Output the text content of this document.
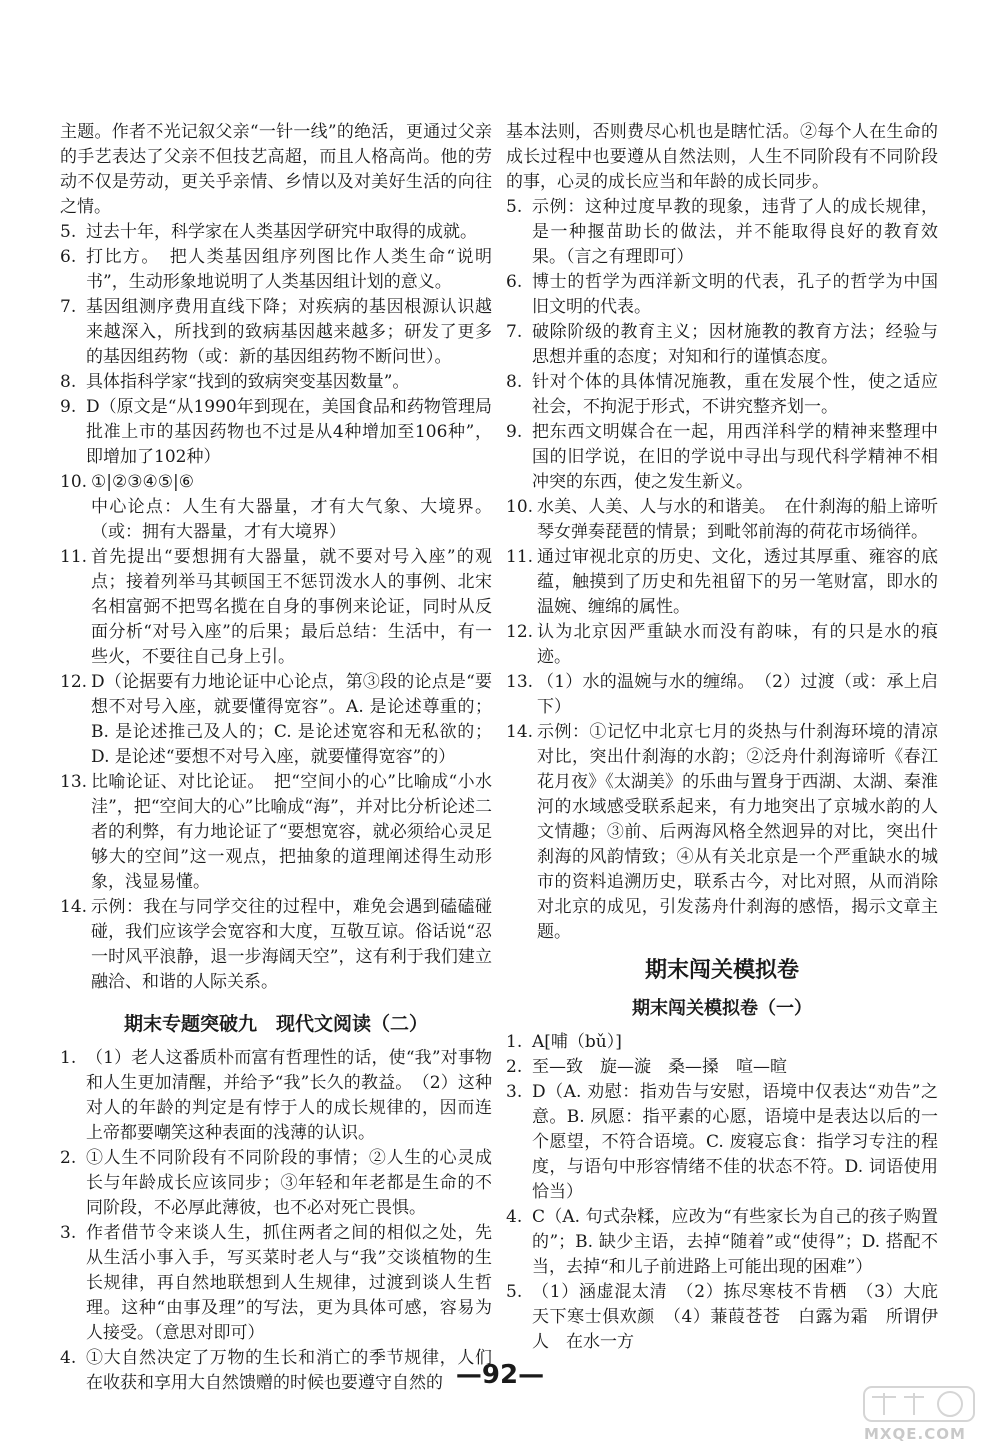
主题。作者不光记叙父亲“一针一线”的绝活，更通过父亲的手艺表达了父亲不但技艺高超，而且人格高尚。他的劳动不仅是劳动，更关乎亲情、乡情以及对美好生活的向往之情。
5. 过去十年，科学家在人类基因学研究中取得的成就。
6. 打比方。　把人类基因组序列图比作人类生命“说明书”，生动形象地说明了人类基因组计划的意义。
7. 基因组测序费用直线下降；对疾病的基因根源认识越来越深入，所找到的致病基因越来越多；研发了更多的基因组药物（或：新的基因组药物不断问世）。
8. 具体指科学家“找到的致病突变基因数量”。
9. D（原文是“从1990年到现在，美国食品和药物管理局批准上市的基因药物也不过是从4种增加至106种”，即增加了102种）
10. ①|②③④⑤|⑥
中心论点：人生有大器量，才有大气象、大境界。（或：拥有大器量，才有大境界）
11. 首先提出“要想拥有大器量，就不要对号入座”的观点；接着列举马其顿国王不惩罚泼水人的事例、北宋名相富弼不把骂名揽在自身的事例来论证，同时从反面分析“对号入座”的后果；最后总结：生活中，有一些火，不要往自己身上引。
12. D（论据要有力地论证中心论点，第③段的论点是“要想不对号入座，就要懂得宽容”。A. 是论述尊重的；B. 是论述推己及人的；C. 是论述宽容和无私欲的；D. 是论述“要想不对号入座，就要懂得宽容”的）
13. 比喻论证、对比论证。　把“空间小的心”比喻成“小水洼”，把“空间大的心”比喻成“海”，并对比分析论述二者的利弊，有力地论证了“要想宽容，就必须给心灵足够大的空间”这一观点，把抽象的道理阐述得生动形象，浅显易懂。
14. 示例：我在与同学交往的过程中，难免会遇到磕磕碰碰，我们应该学会宽容和大度，互敬互谅。俗话说“忍一时风平浪静，退一步海阔天空”，这有利于我们建立融洽、和谐的人际关系。
期末专题突破九　现代文阅读（二）
1. （1）老人这番质朴而富有哲理性的话，使“我”对事物和人生更加清醒，并给予“我”长久的教益。　（2）这种对人的年龄的判定是有悖于人的成长规律的，因而连上帝都要嘲笑这种表面的浅薄的认识。
2. ①人生不同阶段有不同阶段的事情；②人生的心灵成长与年龄成长应该同步；③年轻和年老都是生命的不同阶段，不必厚此薄彼，也不必对死亡畏惧。
3. 作者借节令来谈人生，抓住两者之间的相似之处，先从生活小事入手，写买菜时老人与“我”交谈植物的生长规律，再自然地联想到人生规律，过渡到谈人生哲理。这种“由事及理”的写法，更为具体可感，容易为人接受。（意思对即可）
4. ①大自然决定了万物的生长和消亡的季节规律，人们在收获和享用大自然馈赠的时候也要遵守自然的
基本法则，否则费尽心机也是瞎忙活。②每个人在生命的成长过程中也要遵从自然法则，人生不同阶段有不同阶段的事，心灵的成长应当和年龄的成长同步。
5. 示例：这种过度早教的现象，违背了人的成长规律，是一种揠苗助长的做法，并不能取得良好的教育效果。（言之有理即可）
6. 博士的哲学为西洋新文明的代表，孔子的哲学为中国旧文明的代表。
7. 破除阶级的教育主义；因材施教的教育方法；经验与思想并重的态度；对知和行的谨慎态度。
8. 针对个体的具体情况施教，重在发展个性，使之适应社会，不拘泥于形式，不讲究整齐划一。
9. 把东西文明媒合在一起，用西洋科学的精神来整理中国的旧学说，在旧的学说中寻出与现代科学精神不相冲突的东西，使之发生新义。
10. 水美、人美、人与水的和谐美。　在什刹海的船上谛听琴女弹奏琵琶的情景；到毗邻前海的荷花市场徜徉。
11. 通过审视北京的历史、文化，透过其厚重、雍容的底蕴，触摸到了历史和先祖留下的另一笔财富，即水的温婉、缠绵的属性。
12. 认为北京因严重缺水而没有韵味，有的只是水的痕迹。
13. （1）水的温婉与水的缠绵。　（2）过渡（或：承上启下）
14. 示例：①记忆中北京七月的炎热与什刹海环境的清凉对比，突出什刹海的水韵；②泛舟什刹海谛听《春江花月夜》《太湖美》的乐曲与置身于西湖、太湖、秦淮河的水域感受联系起来，有力地突出了京城水韵的人文情趣；③前、后两海风格全然迥异的对比，突出什刹海的风韵情致；④从有关北京是一个严重缺水的城市的资料追溯历史，联系古今，对比对照，从而消除对北京的成见，引发荡舟什刹海的感悟，揭示文章主题。
期末闯关模拟卷
期末闯关模拟卷（一）
1. A[哺（bǔ）]
2. 至—致　旋—漩　桑—搡　喧—暄
3. D（A. 劝慰：指劝告与安慰，语境中仅表达“劝告”之意。B. 夙愿：指平素的心愿，语境中是表达以后的一个愿望，不符合语境。C. 废寝忘食：指学习专注的程度，与语句中形容情绪不佳的状态不符。D. 词语使用恰当）
4. C（A. 句式杂糅，应改为“有些家长为自己的孩子购置的”；B. 缺少主语，去掉“随着”或“使得”；D. 搭配不当，去掉“和儿子前进路上可能出现的困难”）
5. （1）涵虚混太清　（2）拣尽寒枝不肯栖　（3）大庇天下寒士俱欢颜　（4）蒹葭苍苍　白露为霜　所谓伊人　在水一方
—92—
MXQE.COM
